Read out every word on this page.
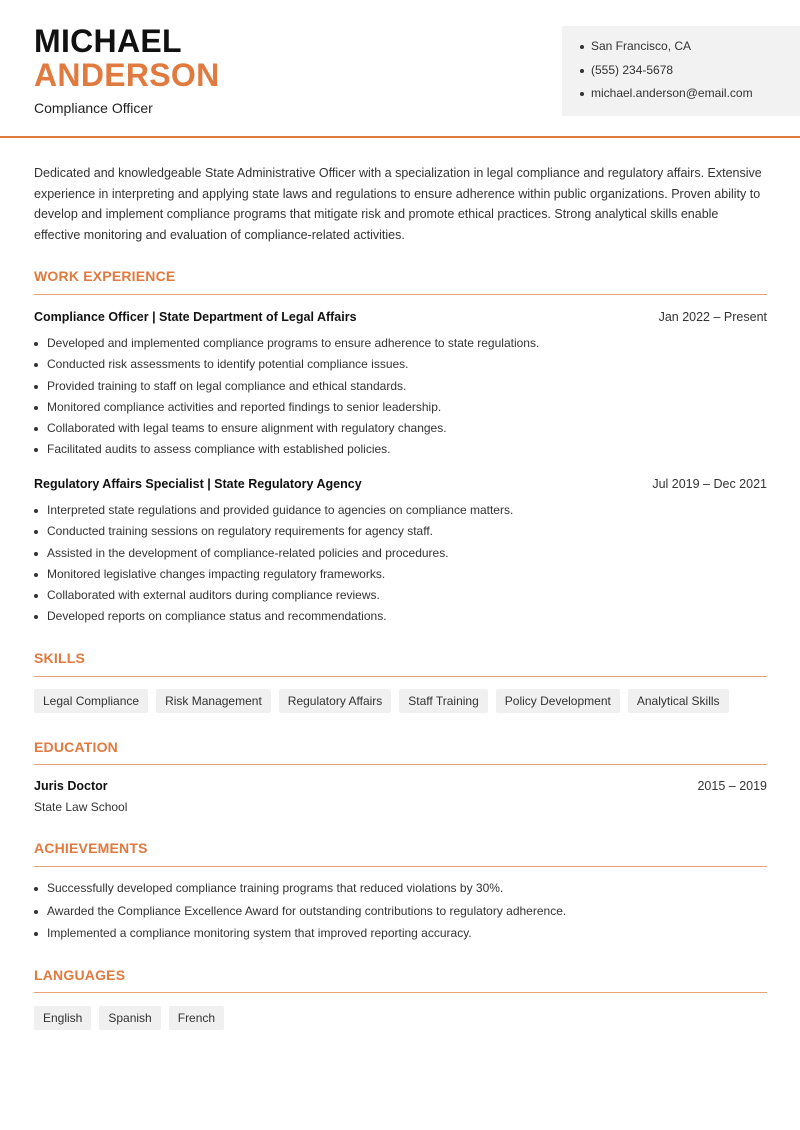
MICHAEL
ANDERSON
Compliance Officer
San Francisco, CA
(555) 234-5678
michael.anderson@email.com

Dedicated and knowledgeable State Administrative Officer with a specialization in legal compliance and regulatory affairs. Extensive experience in interpreting and applying state laws and regulations to ensure adherence within public organizations. Proven ability to develop and implement compliance programs that mitigate risk and promote ethical practices. Strong analytical skills enable effective monitoring and evaluation of compliance-related activities.

WORK EXPERIENCE
Compliance Officer | State Department of Legal Affairs	Jan 2022 – Present
Developed and implemented compliance programs to ensure adherence to state regulations.
Conducted risk assessments to identify potential compliance issues.
Provided training to staff on legal compliance and ethical standards.
Monitored compliance activities and reported findings to senior leadership.
Collaborated with legal teams to ensure alignment with regulatory changes.
Facilitated audits to assess compliance with established policies.
Regulatory Affairs Specialist | State Regulatory Agency	Jul 2019 – Dec 2021
Interpreted state regulations and provided guidance to agencies on compliance matters.
Conducted training sessions on regulatory requirements for agency staff.
Assisted in the development of compliance-related policies and procedures.
Monitored legislative changes impacting regulatory frameworks.
Collaborated with external auditors during compliance reviews.
Developed reports on compliance status and recommendations.
SKILLS
Legal Compliance	Risk Management	Regulatory Affairs	Staff Training	Policy Development	Analytical Skills
EDUCATION
Juris Doctor	2015 – 2019
State Law School
ACHIEVEMENTS
Successfully developed compliance training programs that reduced violations by 30%.
Awarded the Compliance Excellence Award for outstanding contributions to regulatory adherence.
Implemented a compliance monitoring system that improved reporting accuracy.
LANGUAGES
English	Spanish	French
